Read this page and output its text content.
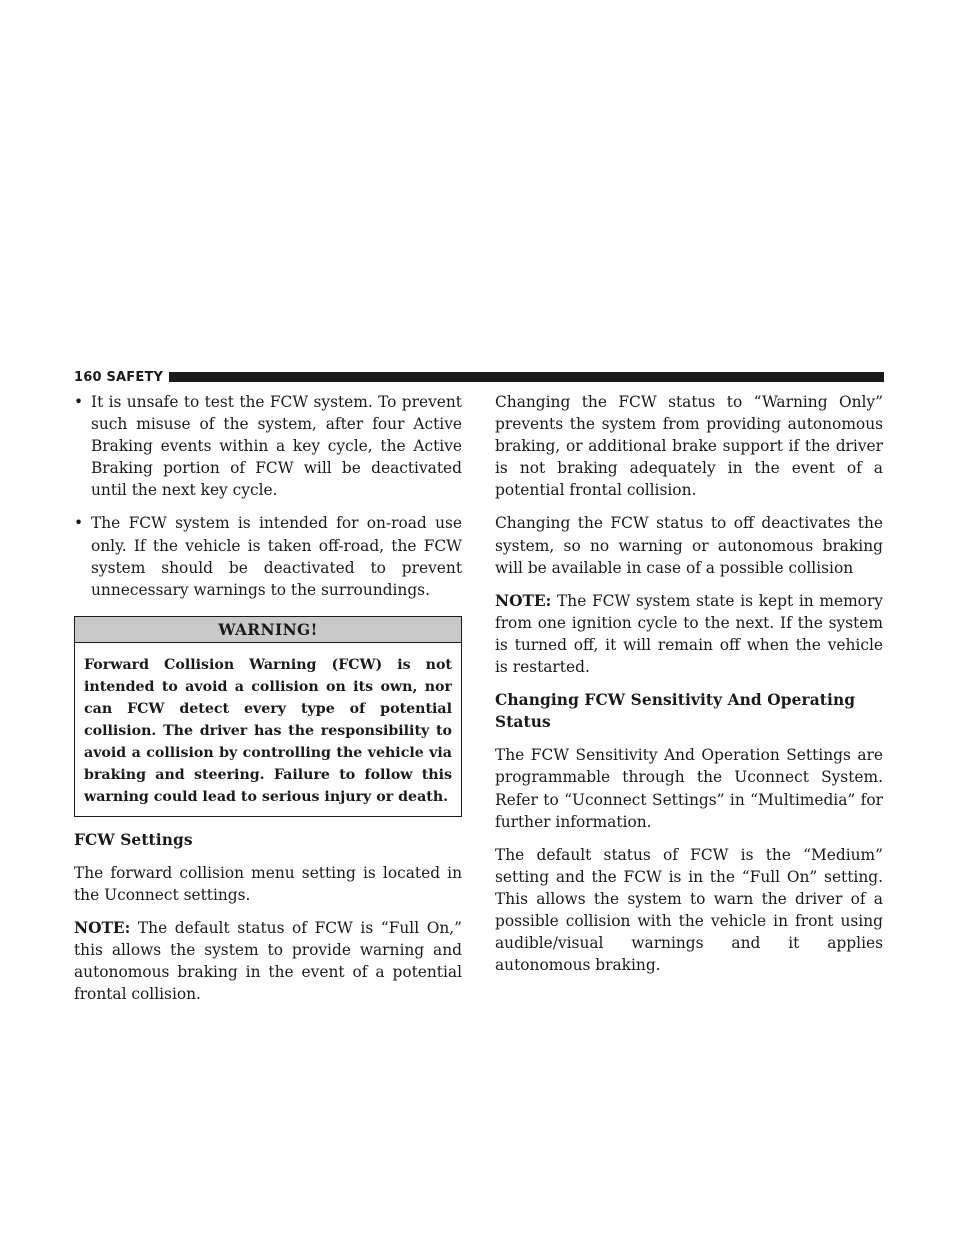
160 SAFETY
• It is unsafe to test the FCW system. To prevent such misuse of the system, after four Active Braking events within a key cycle, the Active Braking portion of FCW will be deactivated until the next key cycle.
• The FCW system is intended for on-road use only. If the vehicle is taken off-road, the FCW system should be deactivated to prevent unnecessary warnings to the surroundings.
WARNING!
Forward Collision Warning (FCW) is not intended to avoid a collision on its own, nor can FCW detect every type of potential collision. The driver has the responsibility to avoid a collision by controlling the vehicle via braking and steering. Failure to follow this warning could lead to serious injury or death.
FCW Settings

The forward collision menu setting is located in the Uconnect settings.

NOTE: The default status of FCW is “Full On,” this allows the system to provide warning and autonomous braking in the event of a potential frontal collision.

Changing the FCW status to “Warning Only” prevents the system from providing autonomous braking, or additional brake support if the driver is not braking adequately in the event of a potential frontal collision.

Changing the FCW status to off deactivates the system, so no warning or autonomous braking will be available in case of a possible collision

NOTE: The FCW system state is kept in memory from one ignition cycle to the next. If the system is turned off, it will remain off when the vehicle is restarted.

Changing FCW Sensitivity And Operating Status

The FCW Sensitivity And Operation Settings are programmable through the Uconnect System. Refer to “Uconnect Settings” in “Multimedia” for further information.

The default status of FCW is the “Medium” setting and the FCW is in the “Full On” setting. This allows the system to warn the driver of a possible collision with the vehicle in front using audible/visual warnings and it applies autonomous braking.
